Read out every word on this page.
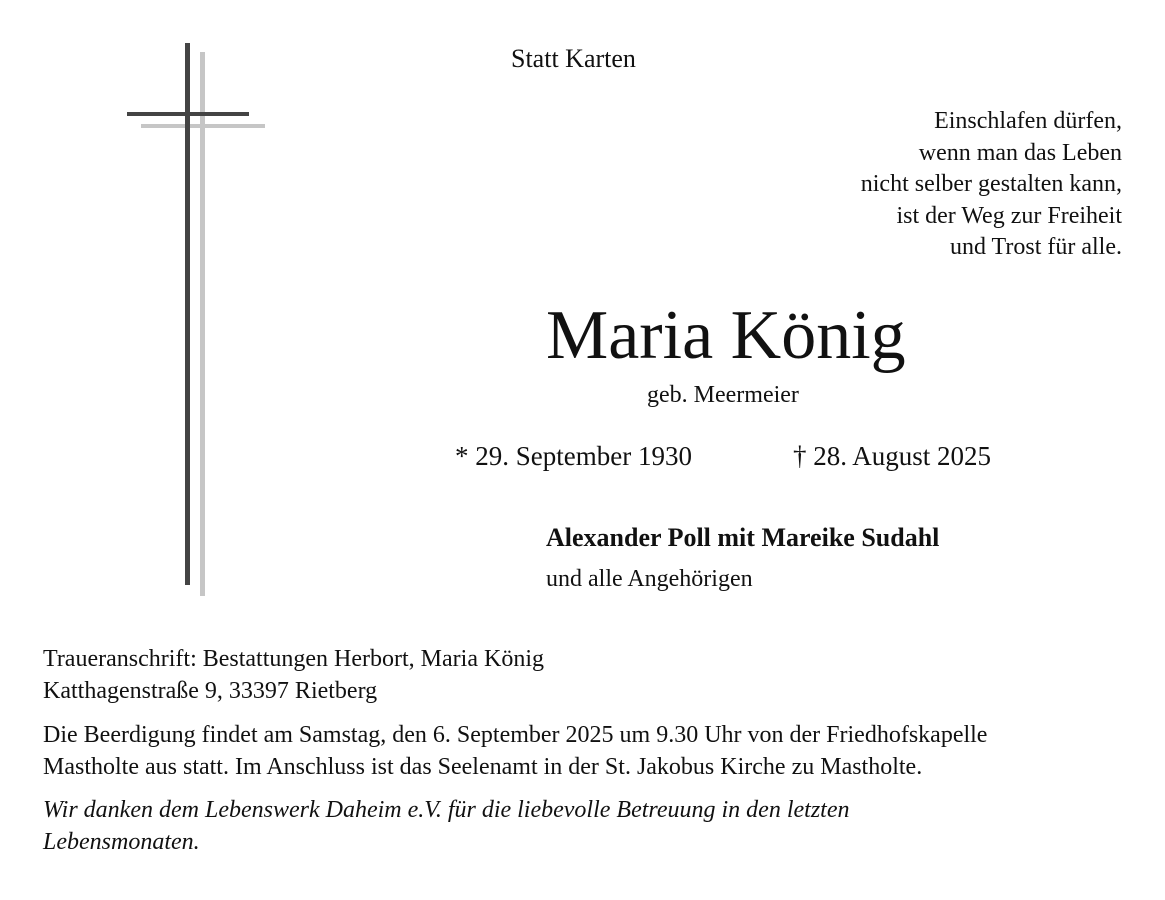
Statt Karten

Einschlafen dürfen,
wenn man das Leben
nicht selber gestalten kann,
ist der Weg zur Freiheit
und Trost für alle.
Maria König

geb. Meermeier

* 29. September 1930	† 28. August 2025

Alexander Poll mit Mareike Sudahl

und alle Angehörigen

Traueranschrift: Bestattungen Herbort, Maria König
Katthagenstraße 9, 33397 Rietberg
Die Beerdigung findet am Samstag, den 6. September 2025 um 9.30 Uhr von der Friedhofskapelle
Mastholte aus statt. Im Anschluss ist das Seelenamt in der St. Jakobus Kirche zu Mastholte.
Wir danken dem Lebenswerk Daheim e.V. für die liebevolle Betreuung in den letzten
Lebensmonaten.
